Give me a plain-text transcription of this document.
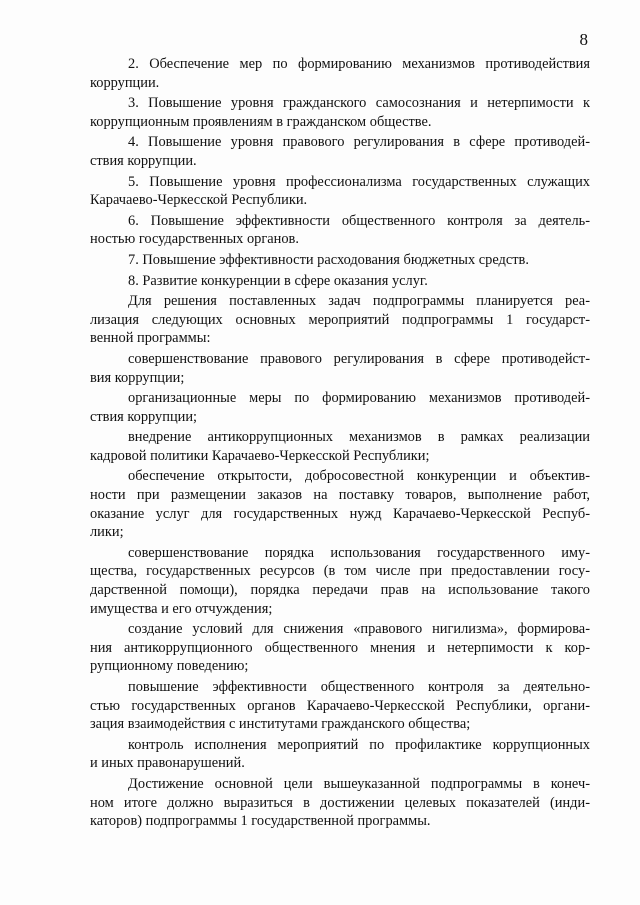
8
2. Обеспечение мер по формированию механизмов противодействия
коррупции.
3. Повышение уровня гражданского самосознания и нетерпимости к
коррупционным проявлениям в гражданском обществе.
4. Повышение уровня правового регулирования в сфере противодей-
ствия коррупции.
5. Повышение уровня профессионализма государственных служащих
Карачаево-Черкесской Республики.
6. Повышение эффективности общественного контроля за деятель-
ностью государственных органов.
7. Повышение эффективности расходования бюджетных средств.
8. Развитие конкуренции в сфере оказания услуг.
Для решения поставленных задач подпрограммы планируется реа-
лизация следующих основных мероприятий подпрограммы 1 государст-
венной программы:
совершенствование правового регулирования в сфере противодейст-
вия коррупции;
организационные меры по формированию механизмов противодей-
ствия коррупции;
внедрение антикоррупционных механизмов в рамках реализации
кадровой политики Карачаево-Черкесской Республики;
обеспечение открытости, добросовестной конкуренции и объектив-
ности при размещении заказов на поставку товаров, выполнение работ,
оказание услуг для государственных нужд Карачаево-Черкесской Респуб-
лики;
совершенствование порядка использования государственного иму-
щества, государственных ресурсов (в том числе при предоставлении госу-
дарственной помощи), порядка передачи прав на использование такого
имущества и его отчуждения;
создание условий для снижения «правового нигилизма», формирова-
ния антикоррупционного общественного мнения и нетерпимости к кор-
рупционному поведению;
повышение эффективности общественного контроля за деятельно-
стью государственных органов Карачаево-Черкесской Республики, органи-
зация взаимодействия с институтами гражданского общества;
контроль исполнения мероприятий по профилактике коррупционных
и иных правонарушений.
Достижение основной цели вышеуказанной подпрограммы в конеч-
ном итоге должно выразиться в достижении целевых показателей (инди-
каторов) подпрограммы 1 государственной программы.
